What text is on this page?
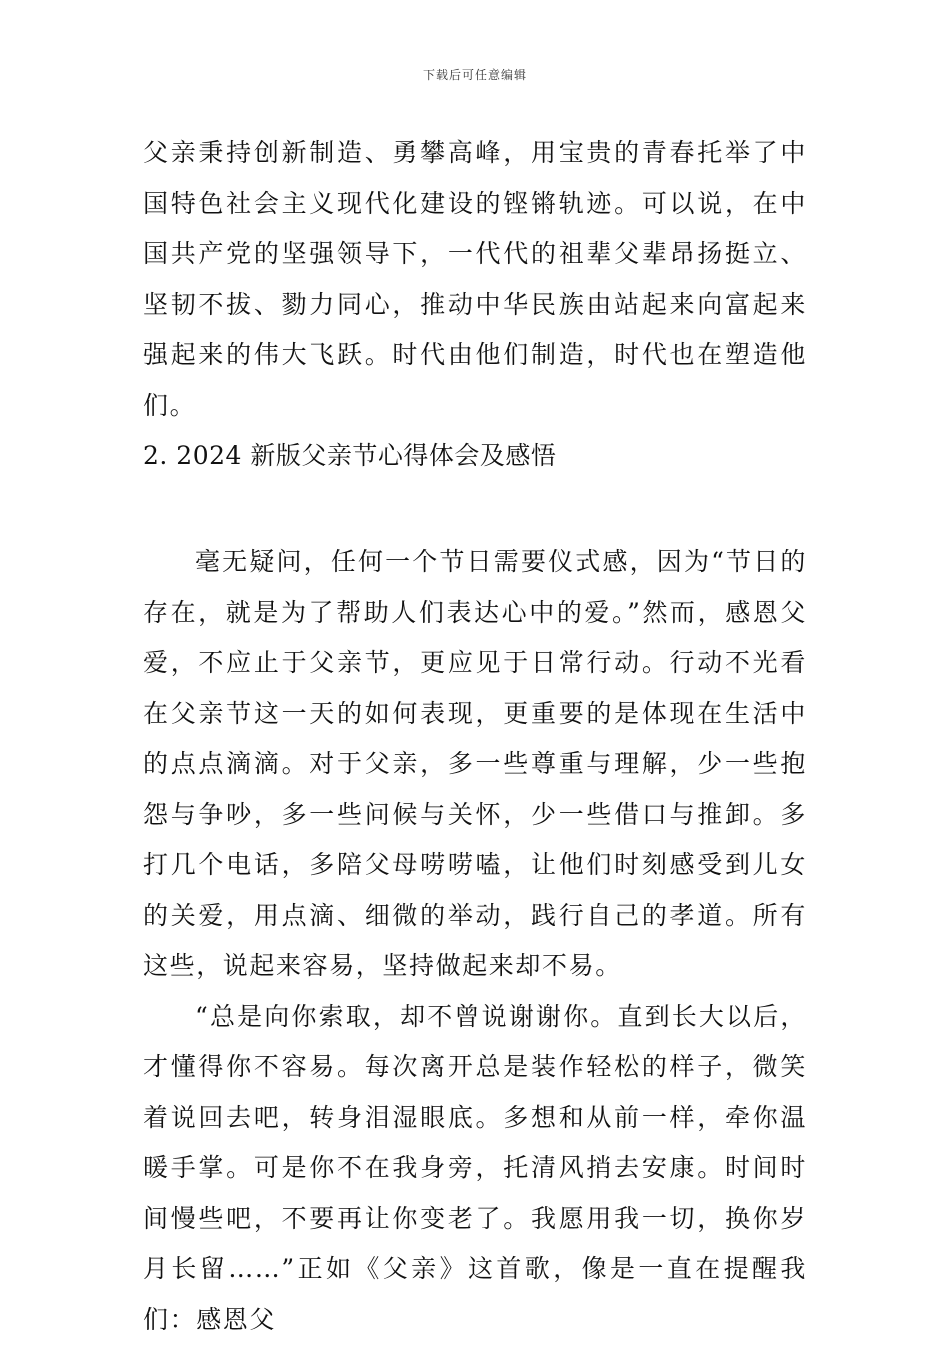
下载后可任意编辑

父亲秉持创新制造、勇攀高峰，用宝贵的青春托举了中国特色社会主义现代化建设的铿锵轨迹。可以说，在中国共产党的坚强领导下，一代代的祖辈父辈昂扬挺立、坚韧不拔、勠力同心，推动中华民族由站起来向富起来强起来的伟大飞跃。时代由他们制造，时代也在塑造他们。

2. 2024 新版父亲节心得体会及感悟

毫无疑问，任何一个节日需要仪式感，因为“节日的存在，就是为了帮助人们表达心中的爱。”然而，感恩父爱，不应止于父亲节，更应见于日常行动。行动不光看在父亲节这一天的如何表现，更重要的是体现在生活中的点点滴滴。对于父亲，多一些尊重与理解，少一些抱怨与争吵，多一些问候与关怀，少一些借口与推卸。多打几个电话，多陪父母唠唠嗑，让他们时刻感受到儿女的关爱，用点滴、细微的举动，践行自己的孝道。所有这些，说起来容易，坚持做起来却不易。

“总是向你索取，却不曾说谢谢你。直到长大以后，才懂得你不容易。每次离开总是装作轻松的样子，微笑着说回去吧，转身泪湿眼底。多想和从前一样，牵你温暖手掌。可是你不在我身旁，托清风捎去安康。时间时间慢些吧，不要再让你变老了。我愿用我一切，换你岁月长留……”正如《父亲》这首歌，像是一直在提醒我们：感恩父
